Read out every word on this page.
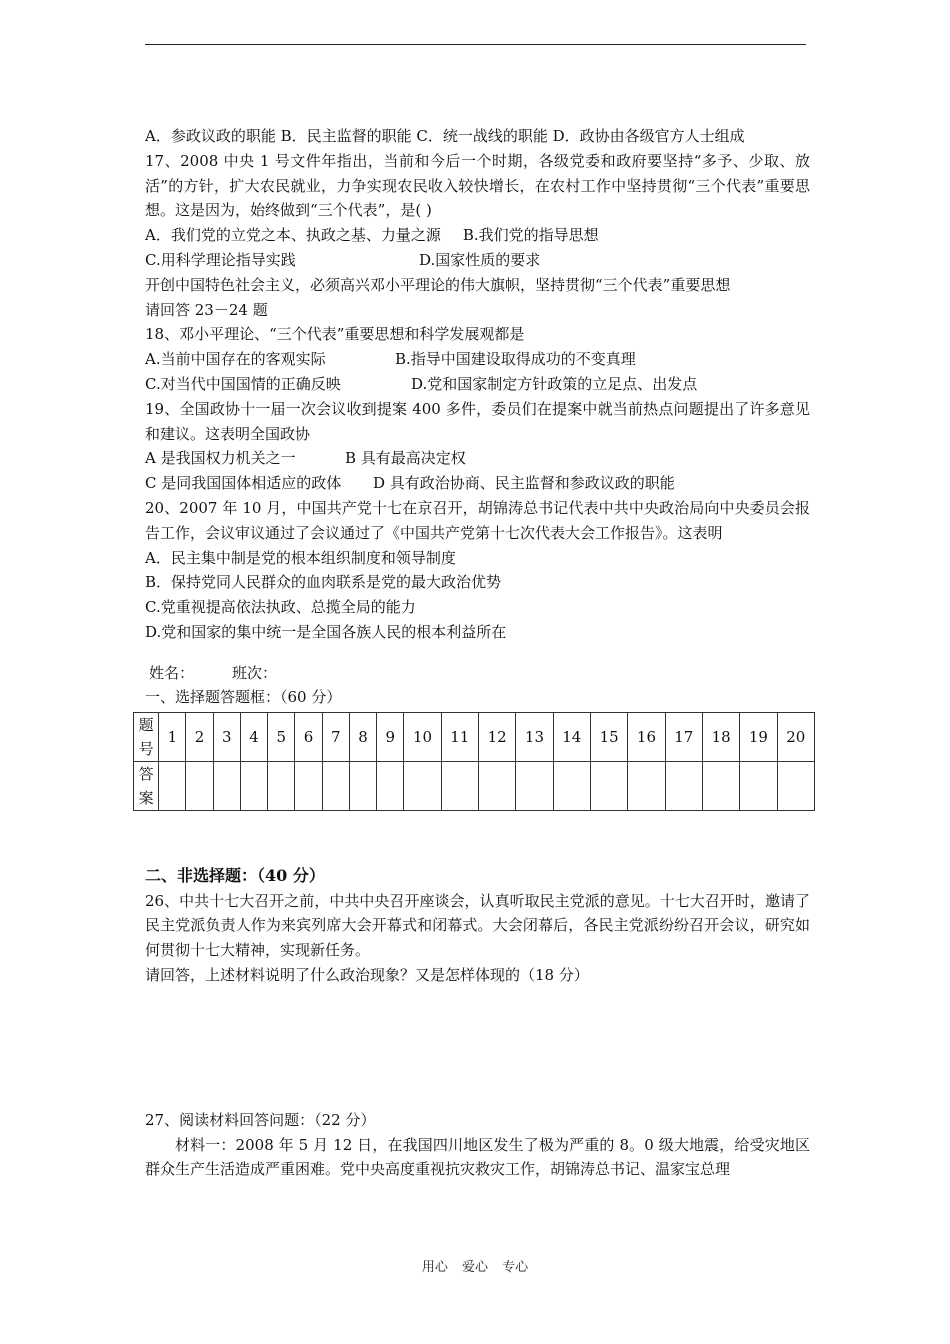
A．参政议政的职能 B．民主监督的职能 C．统一战线的职能 D．政协由各级官方人士组成
17、2008 中央 1 号文件年指出，当前和今后一个时期，各级党委和政府要坚持“多予、少取、放活”的方针，扩大农民就业，力争实现农民收入较快增长，在农村工作中坚持贯彻“三个代表”重要思想。这是因为，始终做到“三个代表”，是( )
A．我们党的立党之本、执政之基、力量之源 B.我们党的指导思想
C.用科学理论指导实践	D.国家性质的要求
开创中国特色社会主义，必须高兴邓小平理论的伟大旗帜，坚持贯彻“三个代表”重要思想
请回答 23－24 题
18、邓小平理论、“三个代表”重要思想和科学发展观都是
A.当前中国存在的客观实际	B.指导中国建设取得成功的不变真理
C.对当代中国国情的正确反映	D.党和国家制定方针政策的立足点、出发点
19、全国政协十一届一次会议收到提案 400 多件，委员们在提案中就当前热点问题提出了许多意见和建议。这表明全国政协
A 是我国权力机关之一	B 具有最高决定权
C 是同我国国体相适应的政体 D 具有政治协商、民主监督和参政议政的职能
20、2007 年 10 月，中国共产党十七在京召开，胡锦涛总书记代表中共中央政治局向中央委员会报告工作，会议审议通过了会议通过了《中国共产党第十七次代表大会工作报告》。这表明
A．民主集中制是党的根本组织制度和领导制度
B．保持党同人民群众的血肉联系是党的最大政治优势
C.党重视提高依法执政、总揽全局的能力
D.党和国家的集中统一是全国各族人民的根本利益所在
姓名：	班次：
一、选择题答题框：（60 分）
题号	1	2	3	4	5	6	7	8	9	10	11	12	13	14	15	16	17	18	19	20
答案																				
二、非选择题：（40 分）
26、中共十七大召开之前，中共中央召开座谈会，认真听取民主党派的意见。十七大召开时，邀请了民主党派负责人作为来宾列席大会开幕式和闭幕式。大会闭幕后，各民主党派纷纷召开会议，研究如何贯彻十七大精神，实现新任务。
请回答，上述材料说明了什么政治现象？又是怎样体现的（18 分）
27、阅读材料回答问题：（22 分）
材料一：2008 年 5 月 12 日，在我国四川地区发生了极为严重的 8。0 级大地震，给受灾地区群众生产生活造成严重困难。党中央高度重视抗灾救灾工作，胡锦涛总书记、温家宝总理
用心 爱心 专心
